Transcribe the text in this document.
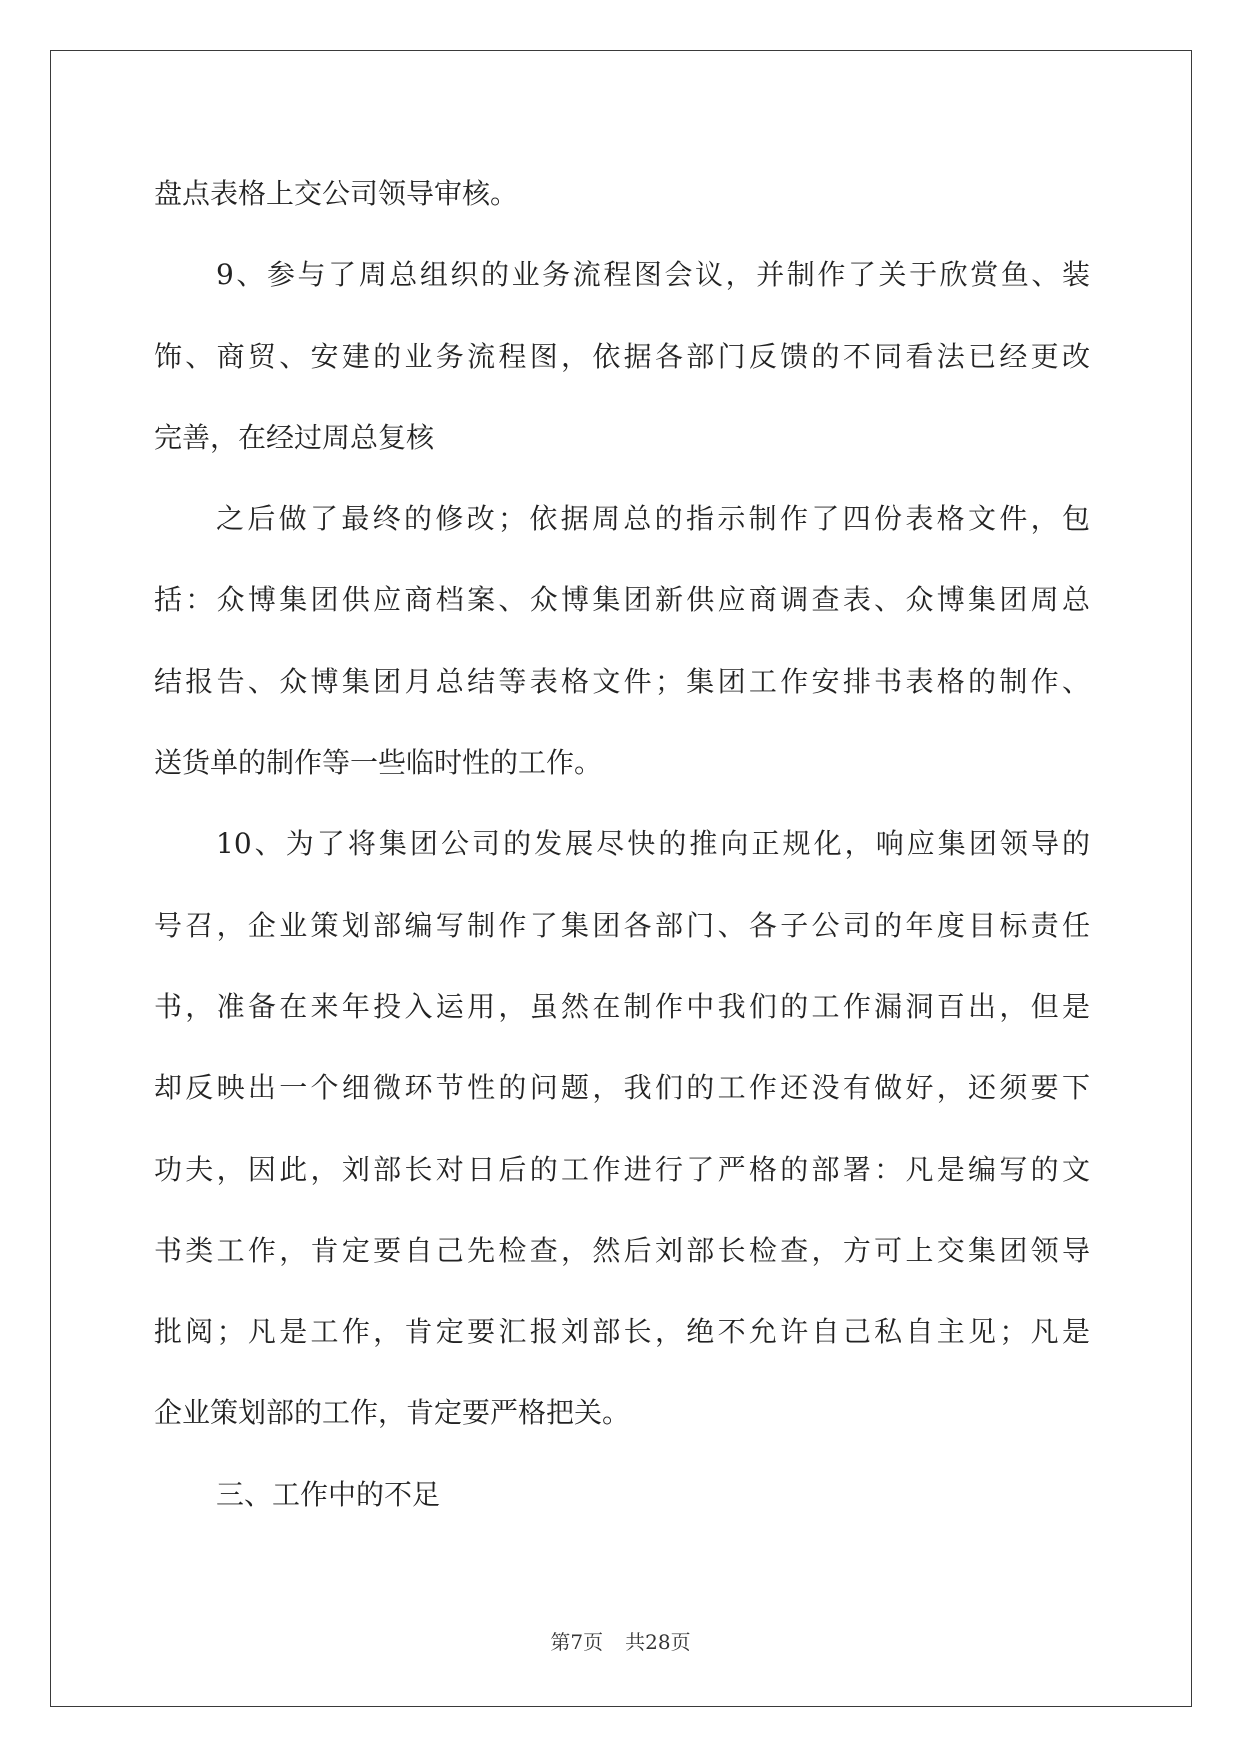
盘点表格上交公司领导审核。
9、参与了周总组织的业务流程图会议，并制作了关于欣赏鱼、装
饰、商贸、安建的业务流程图，依据各部门反馈的不同看法已经更改
完善，在经过周总复核
之后做了最终的修改；依据周总的指示制作了四份表格文件，包
括：众博集团供应商档案、众博集团新供应商调查表、众博集团周总
结报告、众博集团月总结等表格文件；集团工作安排书表格的制作、
送货单的制作等一些临时性的工作。
10、为了将集团公司的发展尽快的推向正规化，响应集团领导的
号召，企业策划部编写制作了集团各部门、各子公司的年度目标责任
书，准备在来年投入运用，虽然在制作中我们的工作漏洞百出，但是
却反映出一个细微环节性的问题，我们的工作还没有做好，还须要下
功夫，因此，刘部长对日后的工作进行了严格的部署：凡是编写的文
书类工作，肯定要自己先检查，然后刘部长检查，方可上交集团领导
批阅；凡是工作，肯定要汇报刘部长，绝不允许自己私自主见；凡是
企业策划部的工作，肯定要严格把关。
三、工作中的不足
第7页 共28页
